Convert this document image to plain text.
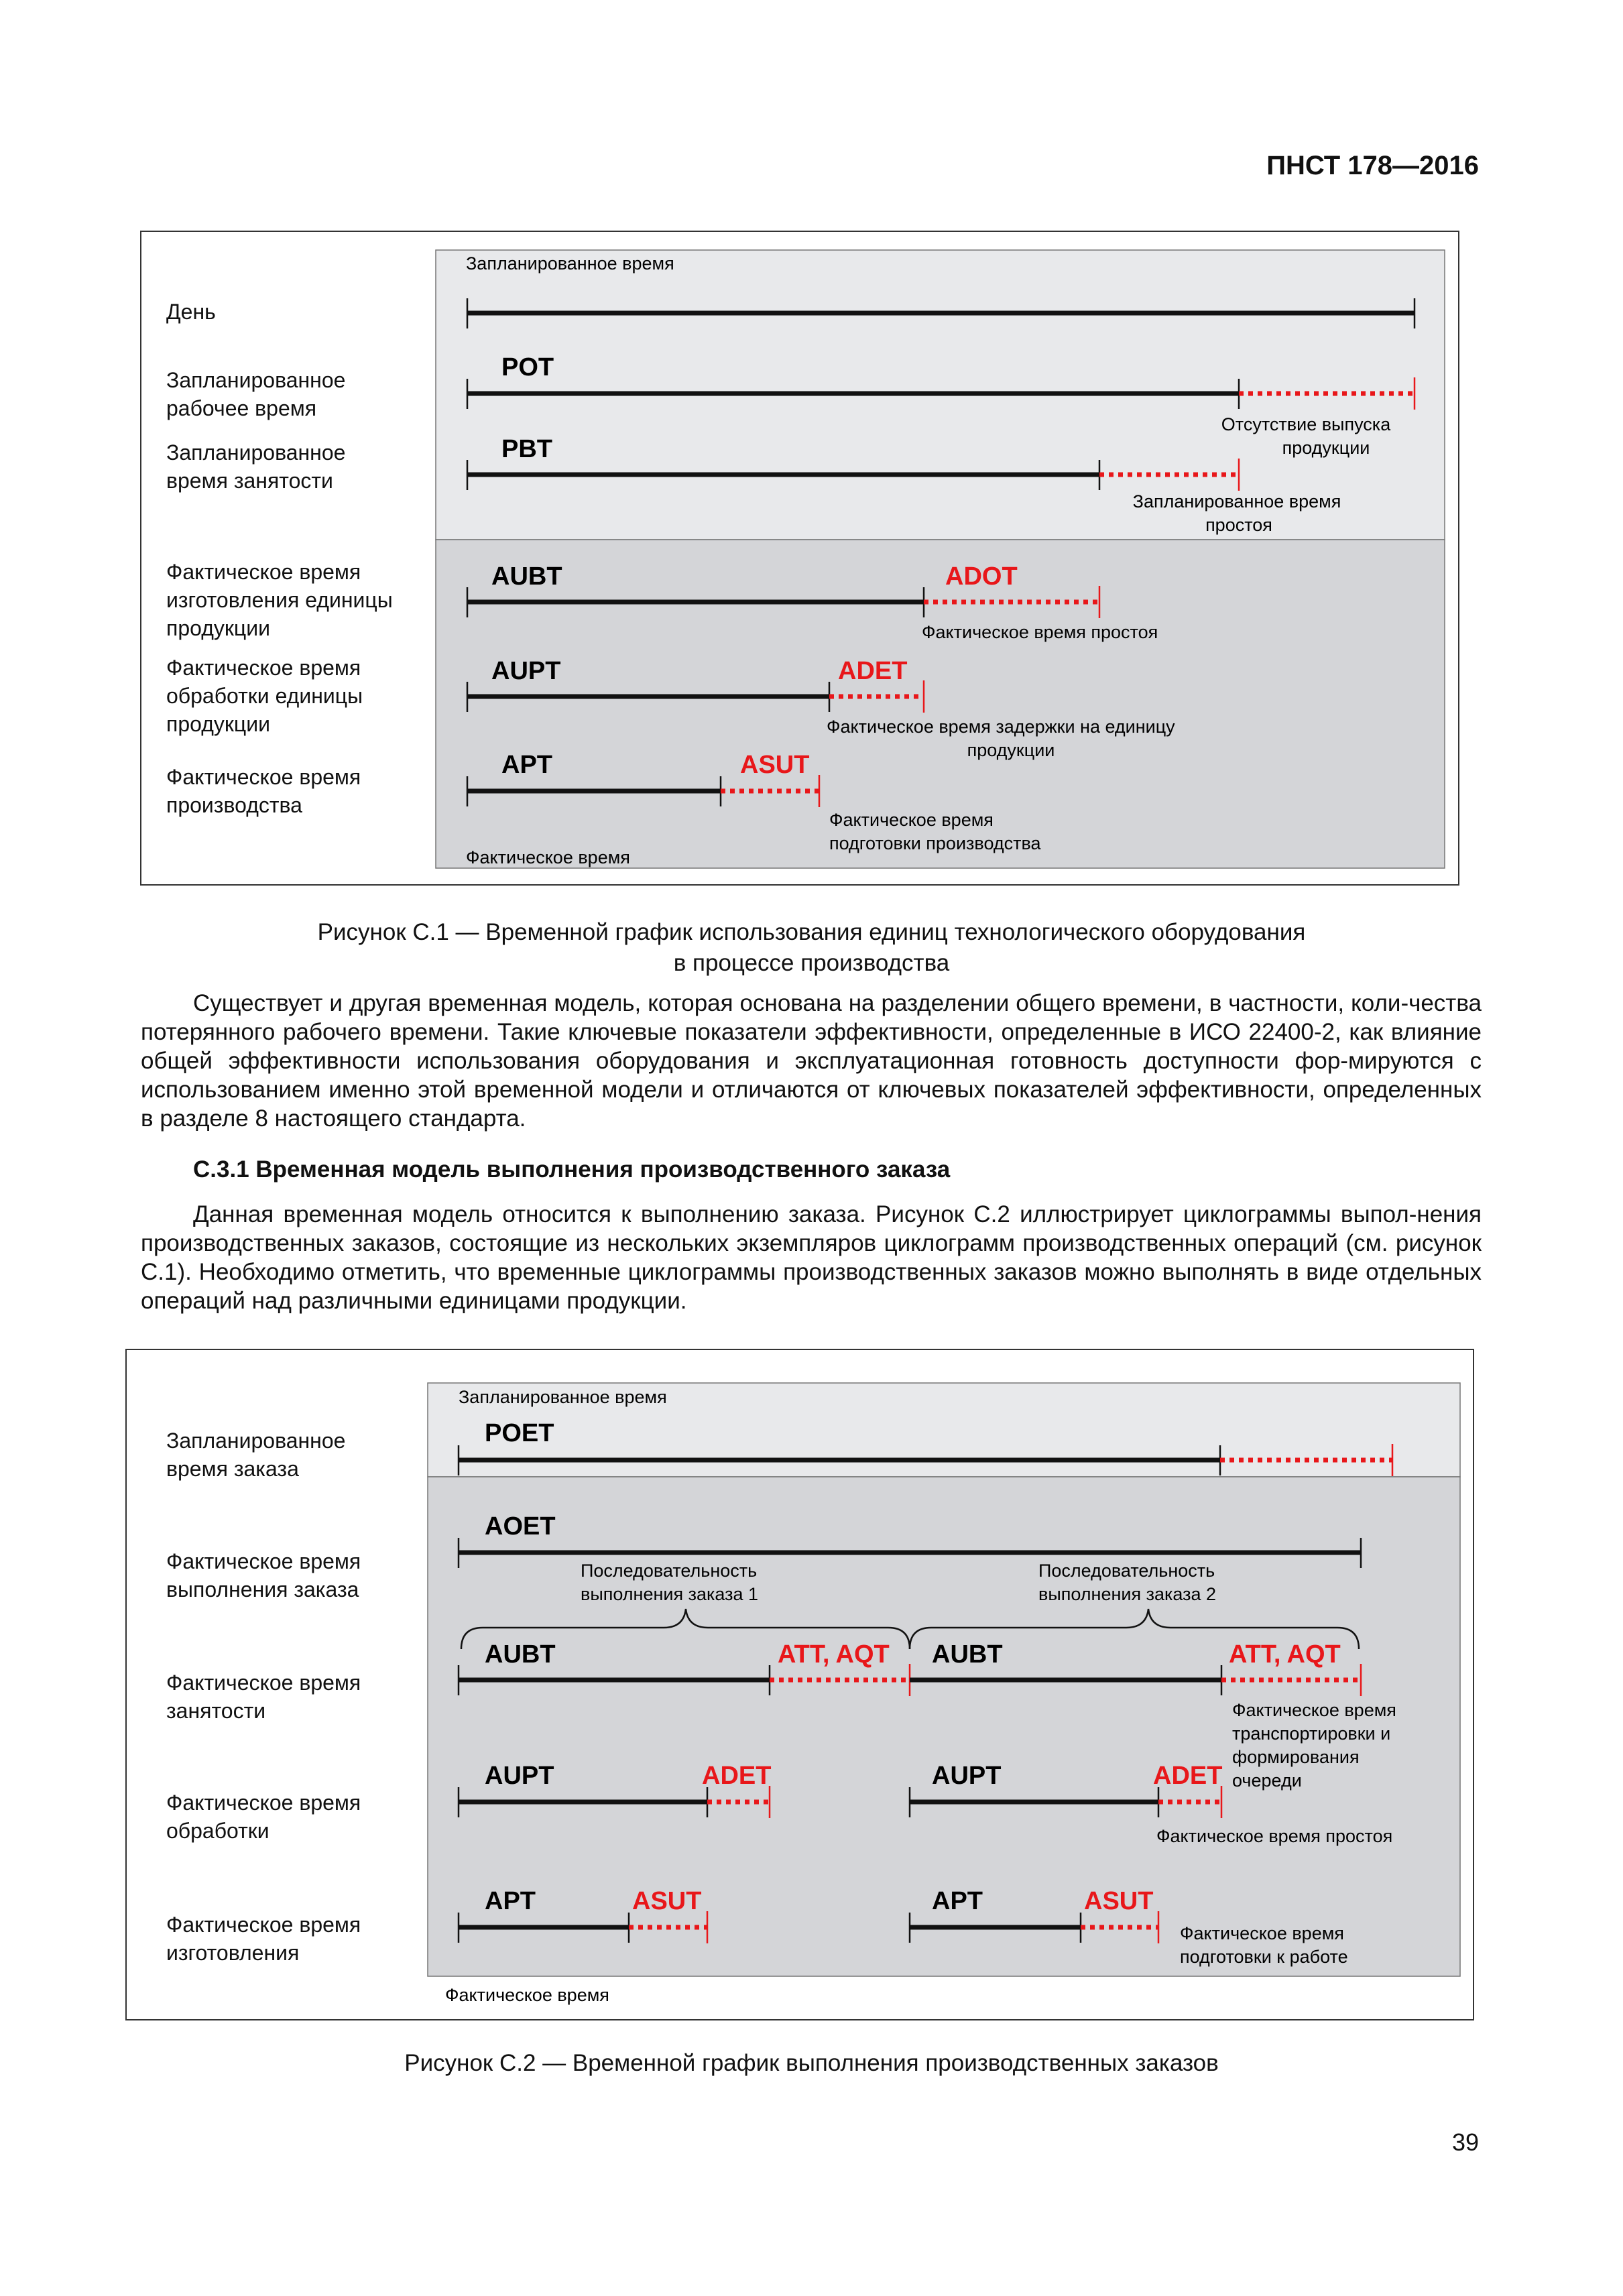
ПНСТ 178—2016
Запланированное время
Фактическое время
День
Запланированное
рабочее время
Запланированное
время занятости
Фактическое время
изготовления единицы
продукции
Фактическое время
обработки единицы
продукции
Фактическое время
производства
POT
Отсутствие выпуска
продукции
PBT
Запланированное время
простоя
AUBT	ADOT
Фактическое время простоя
AUPT	ADET
Фактическое время задержки на единицу
продукции
APT	ASUT
Фактическое время
подготовки производства
Рисунок С.1 — Временной график использования единиц технологического оборудования
в процессе производства

Существует и другая временная модель, которая основана на разделении общего времени, в частности, коли-чества потерянного рабочего времени. Такие ключевые показатели эффективности, определенные в ИСО 22400-2, как влияние общей эффективности использования оборудования и эксплуатационная готовность доступности фор-мируются с использованием именно этой временной модели и отличаются от ключевых показателей эффективности, определенных в разделе 8 настоящего стандарта.

С.3.1 Временная модель выполнения производственного заказа

Данная временная модель относится к выполнению заказа. Рисунок С.2 иллюстрирует циклограммы выпол-нения производственных заказов, состоящие из нескольких экземпляров циклограмм производственных операций (см. рисунок С.1). Необходимо отметить, что временные циклограммы производственных заказов можно выполнять в виде отдельных операций над различными единицами продукции.

Запланированное время
Фактическое время
Запланированное
время заказа
Фактическое время
выполнения заказа
Фактическое время
занятости
Фактическое время
обработки
Фактическое время
изготовления
POET
AOET
Последовательность
выполнения заказа 1
Последовательность
выполнения заказа 2
AUBT	ATT, AQT AUBT	ATT, AQT
Фактическое время
транспортировки и
формирования
очереди
AUPT	ADET	AUPT	ADET
Фактическое время простоя
APT	ASUT	APT	ASUT
Фактическое время
подготовки к работе
Рисунок С.2 — Временной график выполнения производственных заказов
39
